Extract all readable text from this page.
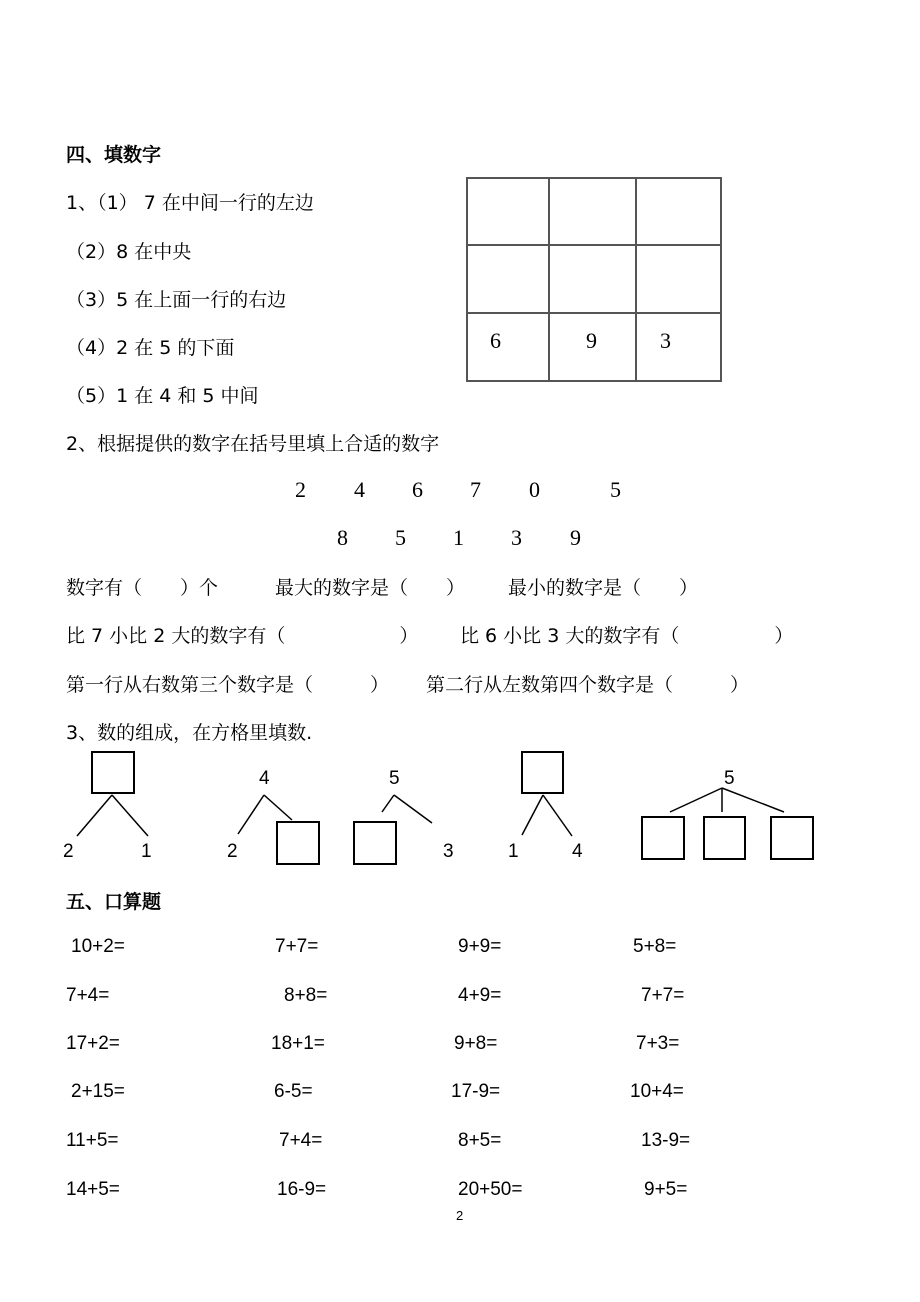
四、填数字
1、（1） 7 在中间一行的左边
（2）8 在中央
（3）5 在上面一行的右边
（4）2 在 5 的下面
（5）1 在 4 和 5 中间
6	9	3
2、根据提供的数字在括号里填上合适的数字
2 4 6 7 0	5
8 5 1 3 9
数字有（　　）个	最大的数字是（　　） 最小的数字是（　　）
比 7 小比 2 大的数字有（　　　　　　） 比 6 小比 3 大的数字有（　　　　　）
第一行从右数第三个数字是（　　　） 第二行从左数第四个数字是（　　　）
3、数的组成，在方格里填数.
2	1
4
2
5
3	1	4
5
五、口算题
10+2=	7+7=	9+9=	5+8=
7+4=	8+8=	4+9=	7+7=
17+2=	18+1=	9+8=	7+3=
2+15=	6-5=	17-9=	10+4=
11+5=	7+4=	8+5=	13-9=
14+5=	16-9=	20+50=	9+5=
2
